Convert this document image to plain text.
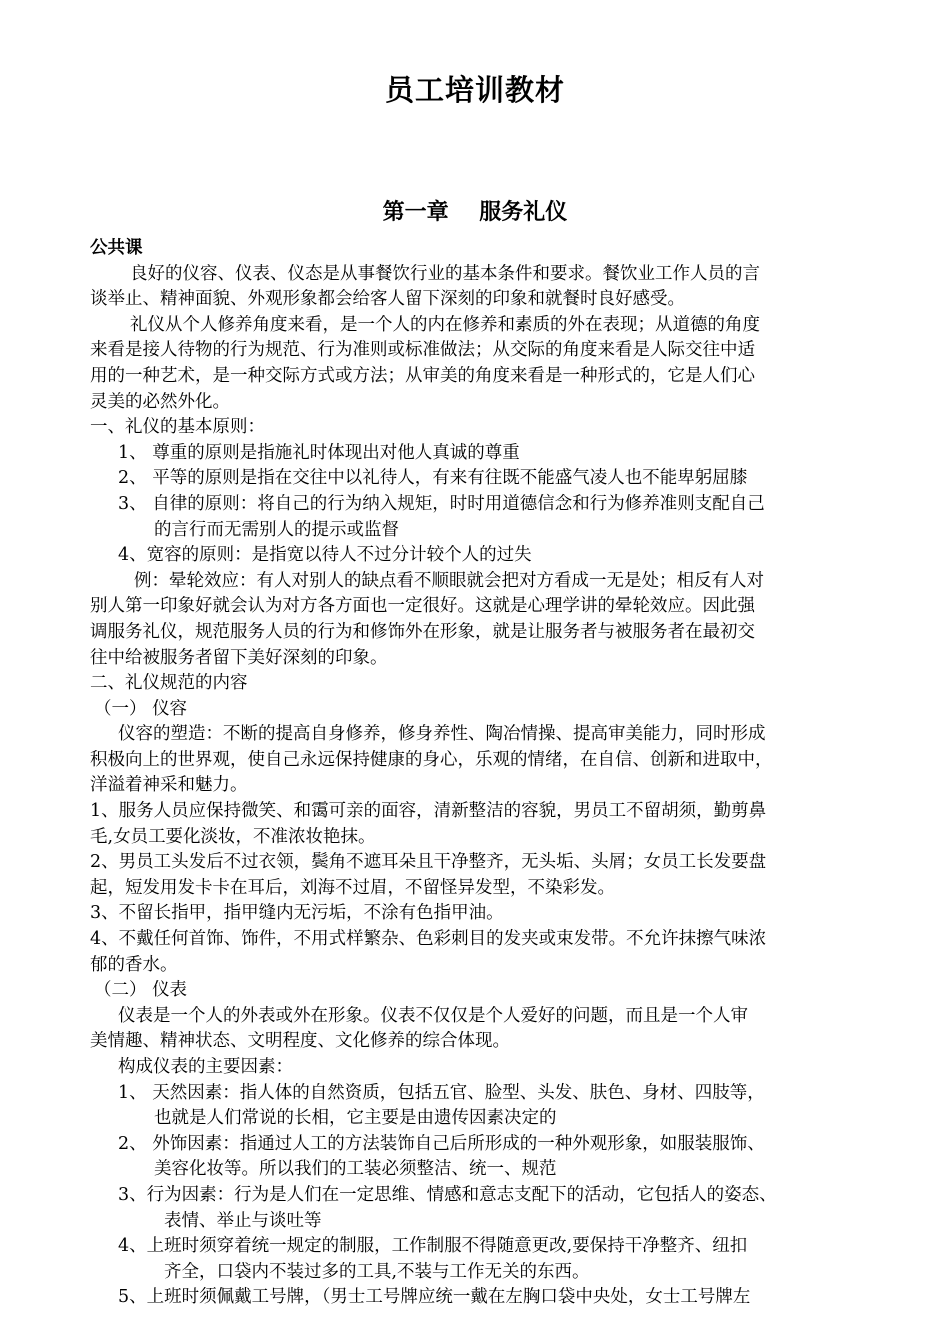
员工培训教材
第一章    服务礼仪
公共课
良好的仪容、仪表、仪态是从事餐饮行业的基本条件和要求。餐饮业工作人员的言
谈举止、精神面貌、外观形象都会给客人留下深刻的印象和就餐时良好感受。
礼仪从个人修养角度来看，是一个人的内在修养和素质的外在表现；从道德的角度
来看是接人待物的行为规范、行为准则或标准做法；从交际的角度来看是人际交往中适
用的一种艺术，是一种交际方式或方法；从审美的角度来看是一种形式的，它是人们心
灵美的必然外化。
一、礼仪的基本原则：
1、 尊重的原则是指施礼时体现出对他人真诚的尊重
2、 平等的原则是指在交往中以礼待人，有来有往既不能盛气凌人也不能卑躬屈膝
3、 自律的原则：将自己的行为纳入规矩，时时用道德信念和行为修养准则支配自己
的言行而无需别人的提示或监督
4、宽容的原则：是指宽以待人不过分计较个人的过失
例：晕轮效应：有人对别人的缺点看不顺眼就会把对方看成一无是处；相反有人对
别人第一印象好就会认为对方各方面也一定很好。这就是心理学讲的晕轮效应。因此强
调服务礼仪，规范服务人员的行为和修饰外在形象，就是让服务者与被服务者在最初交
往中给被服务者留下美好深刻的印象。
二、礼仪规范的内容
（一） 仪容
仪容的塑造：不断的提高自身修养，修身养性、陶冶情操、提高审美能力，同时形成
积极向上的世界观，使自己永远保持健康的身心，乐观的情绪，在自信、创新和进取中，
洋溢着神采和魅力。
1、服务人员应保持微笑、和霭可亲的面容，清新整洁的容貌，男员工不留胡须，勤剪鼻
毛,女员工要化淡妆，不准浓妆艳抹。
2、男员工头发后不过衣领，鬓角不遮耳朵且干净整齐，无头垢、头屑；女员工长发要盘
起，短发用发卡卡在耳后，刘海不过眉，不留怪异发型，不染彩发。
3、不留长指甲，指甲缝内无污垢，不涂有色指甲油。
4、不戴任何首饰、饰件，不用式样繁杂、色彩刺目的发夹或束发带。不允许抹擦气味浓
郁的香水。
（二） 仪表
仪表是一个人的外表或外在形象。仪表不仅仅是个人爱好的问题，而且是一个人审
美情趣、精神状态、文明程度、文化修养的综合体现。
构成仪表的主要因素：
1、 天然因素：指人体的自然资质，包括五官、脸型、头发、肤色、身材、四肢等，
也就是人们常说的长相，它主要是由遗传因素决定的
2、 外饰因素：指通过人工的方法装饰自己后所形成的一种外观形象，如服装服饰、
美容化妆等。所以我们的工装必须整洁、统一、规范
3、行为因素：行为是人们在一定思维、情感和意志支配下的活动，它包括人的姿态、
表情、举止与谈吐等
4、上班时须穿着统一规定的制服，工作制服不得随意更改,要保持干净整齐、纽扣
齐全，口袋内不装过多的工具,不装与工作无关的东西。
5、上班时须佩戴工号牌，（男士工号牌应统一戴在左胸口袋中央处，女士工号牌左
